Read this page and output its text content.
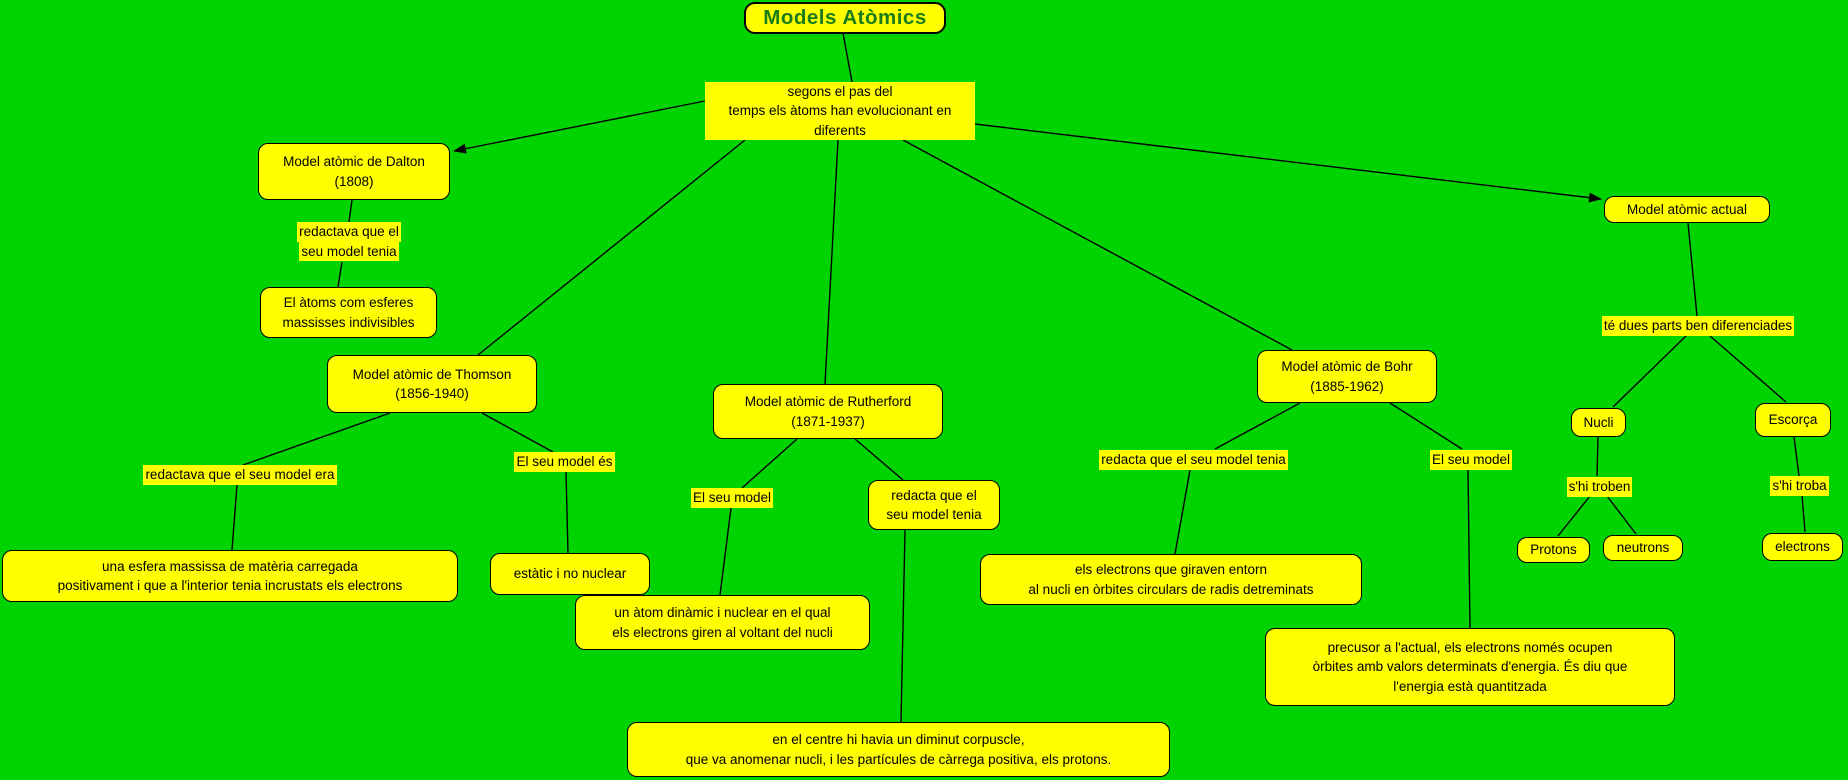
Models Atòmics
segons el pas del
temps els àtoms han evolucionant en
diferents
Model atòmic de Dalton
(1808)
redactava que el
seu model tenia
El àtoms com esferes
massisses indivisibles
Model atòmic de Thomson
(1856-1940)
redactava que el seu model era
El seu model és
una esfera massissa de matèria carregada
positivament i que a l'interior tenia incrustats els electrons
estàtic i no nuclear
Model atòmic de Rutherford
(1871-1937)
El seu model	redacta que el
seu model tenia
un àtom dinàmic i nuclear en el qual
els electrons giren al voltant del nucli
en el centre hi havia un diminut corpuscle,
que va anomenar nucli, i les partícules de càrrega positiva, els protons.
Model atòmic de Bohr
(1885-1962)
redacta que el seu model tenia	El seu model
els electrons que giraven entorn
al nucli en òrbites circulars de radis detreminats
precusor a l'actual, els electrons només ocupen
òrbites amb valors determinats d'energia. És diu que
l'energia està quantitzada
Model atòmic actual
té dues parts ben diferenciades
Nucli	Escorça
s'hi troben	s'hi troba
Protons	neutrons	electrons
